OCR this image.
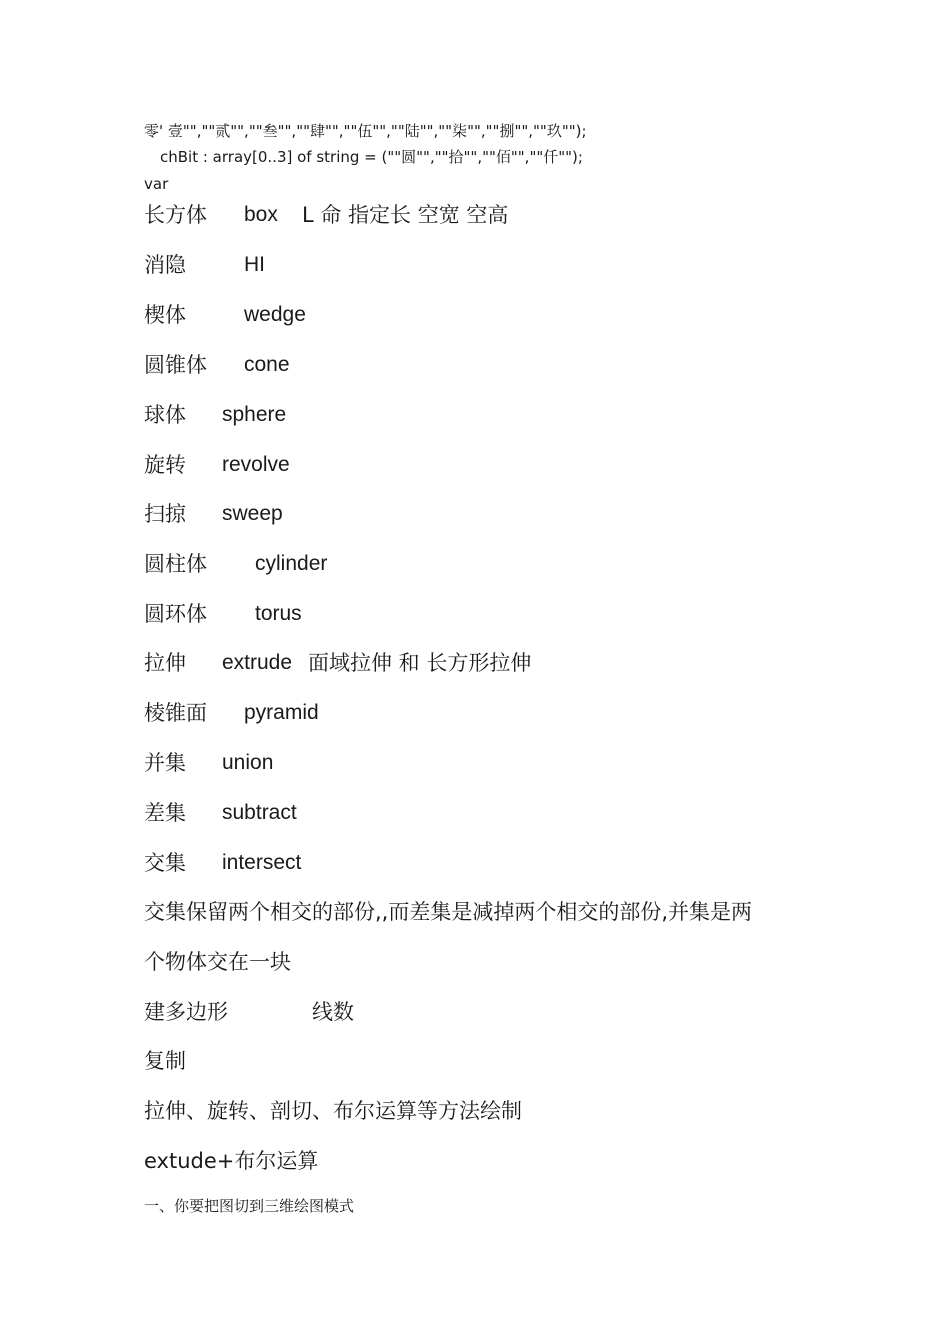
零' 壹"",""贰"",""叁"",""肆"",""伍"",""陆"",""柒"",""捌"",""玖"");
chBit : array[0..3] of string = (""圆"",""拾"",""佰"",""仟"");
var
长方体 box L 命 指定长 空宽 空高
消隐	HI
楔体	wedge
圆锥体 cone
球体 sphere
旋转 revolve
扫掠 sweep
圆柱体 cylinder
圆环体 torus
拉伸 extrude 面域拉伸 和 长方形拉伸
棱锥面 pyramid
并集 union
差集 subtract
交集 intersect
交集保留两个相交的部份,,而差集是减掉两个相交的部份,并集是两
个物体交在一块
建多边形	线数
复制
拉伸、旋转、剖切、布尔运算等方法绘制
extude+布尔运算
一、你要把图切到三维绘图模式
